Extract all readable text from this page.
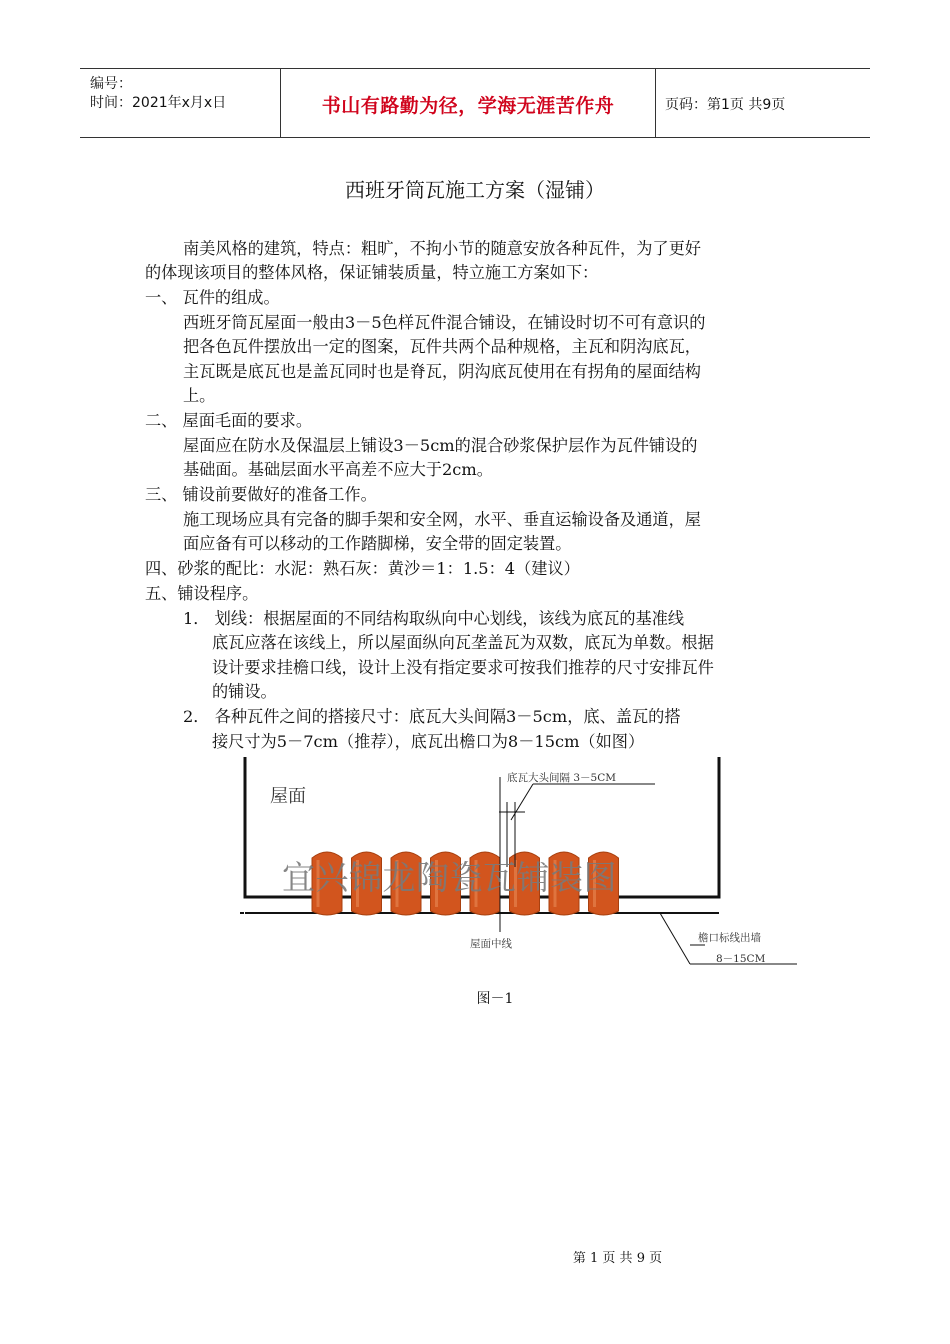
编号：
时间：2021年x月x日	书山有路勤为径，学海无涯苦作舟	页码：第1页 共9页
西班牙筒瓦施工方案（湿铺）
南美风格的建筑，特点：粗旷，不拘小节的随意安放各种瓦件，为了更好
的体现该项目的整体风格，保证铺装质量，特立施工方案如下：
一、 瓦件的组成。
西班牙筒瓦屋面一般由3－5色样瓦件混合铺设，在铺设时切不可有意识的
把各色瓦件摆放出一定的图案，瓦件共两个品种规格，主瓦和阴沟底瓦，
主瓦既是底瓦也是盖瓦同时也是脊瓦，阴沟底瓦使用在有拐角的屋面结构
上。
二、 屋面毛面的要求。
屋面应在防水及保温层上铺设3－5cm的混合砂浆保护层作为瓦件铺设的
基础面。基础层面水平高差不应大于2cm。
三、 铺设前要做好的准备工作。
施工现场应具有完备的脚手架和安全网，水平、垂直运输设备及通道，屋
面应备有可以移动的工作踏脚梯，安全带的固定装置。
四、砂浆的配比：水泥：熟石灰：黄沙＝1：1.5：4（建议）
五、铺设程序。
1． 划线：根据屋面的不同结构取纵向中心划线，该线为底瓦的基准线
底瓦应落在该线上，所以屋面纵向瓦垄盖瓦为双数，底瓦为单数。根据
设计要求挂檐口线，设计上没有指定要求可按我们推荐的尺寸安排瓦件
的铺设。
2． 各种瓦件之间的搭接尺寸：底瓦大头间隔3－5cm，底、盖瓦的搭
接尺寸为5－7cm（推荐），底瓦出檐口为8－15cm（如图）
屋面
底瓦大头间隔 3－5CM
宜兴锦龙陶瓷瓦铺装图
屋面中线	檐口标线出墙
8－15CM
图－1
第 1 页 共 9 页
